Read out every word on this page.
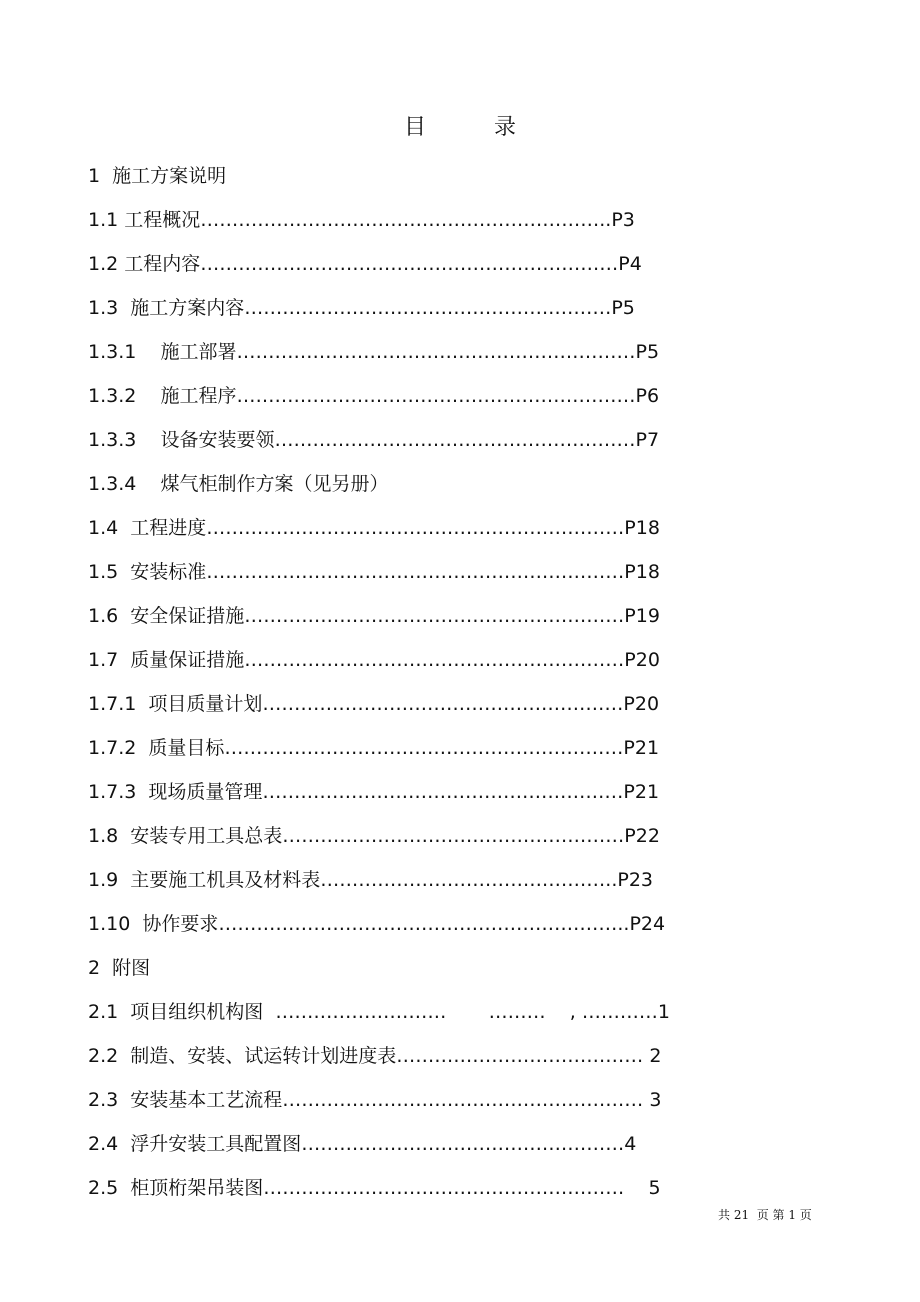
目录
1  施工方案说明
1.1 工程概况………………………………………………………..P3
1.2 工程内容…………………………………………………………P4
1.3  施工方案内容………………………………………….………P5
1.3.1    施工部署………………………………………………………P5
1.3.2    施工程序………………………………………………………P6
1.3.3    设备安装要领…………………………………………………P7
1.3.4    煤气柜制作方案（见另册）
1.4  工程进度…………………………………………………………P18
1.5  安装标准…………………………………………………………P18
1.6  安全保证措施……………………………………………………P19
1.7  质量保证措施……………………………………………………P20
1.7.1  项目质量计划…………………………………………………P20
1.7.2  质量目标………………………………………………………P21
1.7.3  现场质量管理…………………………………………………P21
1.8  安装专用工具总表………………………………………………P22
1.9  主要施工机具及材料表………………………………………..P23
1.10  协作要求………………………………………………………..P24
2  附图
2.1  项目组织机构图  ………………………       ………    , …………1
2.2  制造、安装、试运转计划进度表………………………………… 2
2.3  安装基本工艺流程………………………………………………… 3
2.4  浮升安装工具配置图……………………………………………4
2.5  柜顶桁架吊装图…………………………………………………    5
共 21  页 第 1 页
